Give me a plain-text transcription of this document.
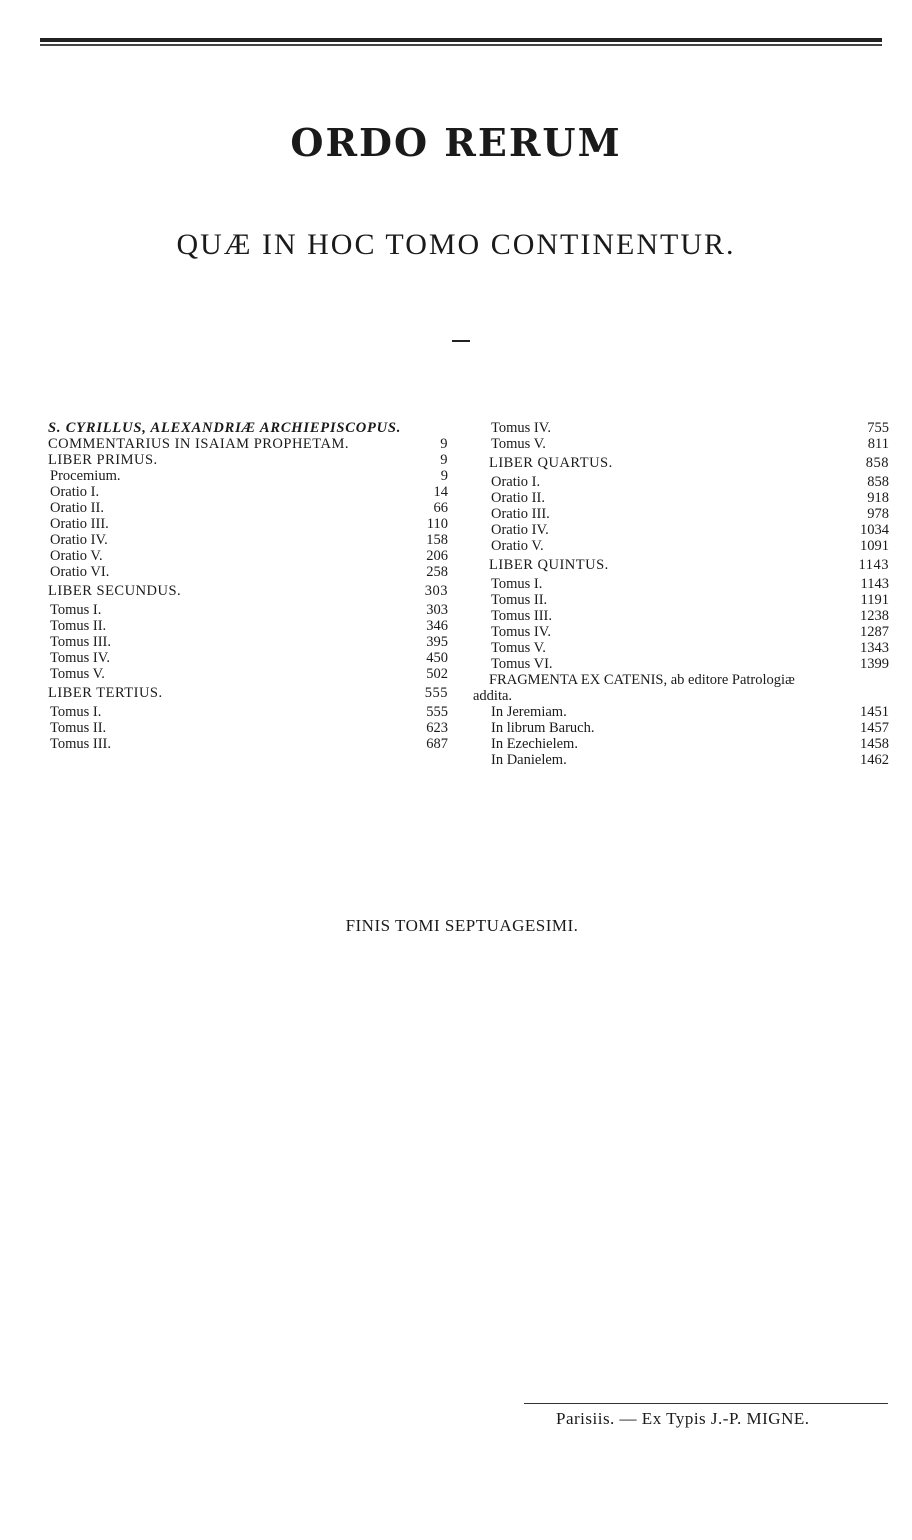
ORDO RERUM
QUÆ IN HOC TOMO CONTINENTUR.
S. CYRILLUS, ALEXANDRIÆ ARCHIEPISCOPUS.
COMMENTARIUS IN ISAIAM PROPHETAM.	9
LIBER PRIMUS.	9
Procemium.	9
Oratio I.	14
Oratio II.	66
Oratio III.	110
Oratio IV.	158
Oratio V.	206
Oratio VI.	258
LIBER SECUNDUS.	303
Tomus I.	303
Tomus II.	346
Tomus III.	395
Tomus IV.	450
Tomus V.	502
LIBER TERTIUS.	555
Tomus I.	555
Tomus II.	623
Tomus III.	687
Tomus IV.	755
Tomus V.	811
LIBER QUARTUS.	858
Oratio I.	858
Oratio II.	918
Oratio III.	978
Oratio IV.	1034
Oratio V.	1091
LIBER QUINTUS.	1143
Tomus I.	1143
Tomus II.	1191
Tomus III.	1238
Tomus IV.	1287
Tomus V.	1343
Tomus VI.	1399
FRAGMENTA EX CATENIS, ab editore Patrologiæ
addita.
In Jeremiam.	1451
In librum Baruch.	1457
In Ezechielem.	1458
In Danielem.	1462
FINIS TOMI SEPTUAGESIMI.
Parisiis. — Ex Typis J.-P. MIGNE.
